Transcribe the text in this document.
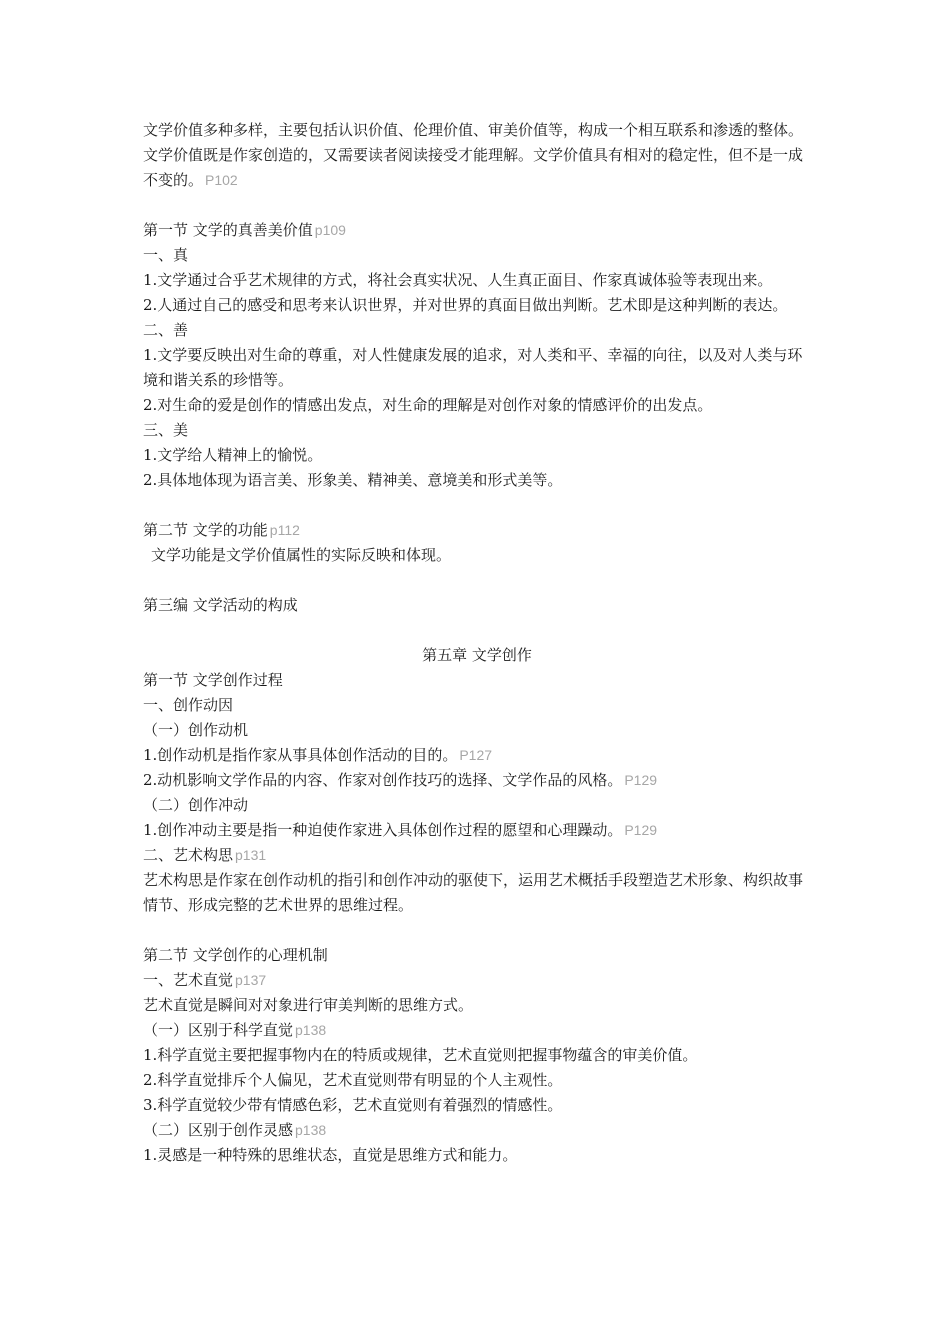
文学价值多种多样，主要包括认识价值、伦理价值、审美价值等，构成一个相互联系和渗透的整体。文学价值既是作家创造的，又需要读者阅读接受才能理解。文学价值具有相对的稳定性，但不是一成不变的。 P102
第一节 文学的真善美价值 p109
一、真
1.文学通过合乎艺术规律的方式，将社会真实状况、人生真正面目、作家真诚体验等表现出来。
2.人通过自己的感受和思考来认识世界，并对世界的真面目做出判断。艺术即是这种判断的表达。
二、善
1.文学要反映出对生命的尊重，对人性健康发展的追求，对人类和平、幸福的向往，以及对人类与环境和谐关系的珍惜等。
2.对生命的爱是创作的情感出发点，对生命的理解是对创作对象的情感评价的出发点。
三、美
1.文学给人精神上的愉悦。
2.具体地体现为语言美、形象美、精神美、意境美和形式美等。
第二节 文学的功能 p112
文学功能是文学价值属性的实际反映和体现。
第三编 文学活动的构成
第五章 文学创作
第一节 文学创作过程
一、创作动因
（一）创作动机
1.创作动机是指作家从事具体创作活动的目的。 P127
2.动机影响文学作品的内容、作家对创作技巧的选择、文学作品的风格。 P129
（二）创作冲动
1.创作冲动主要是指一种迫使作家进入具体创作过程的愿望和心理躁动。 P129
二、艺术构思 p131
艺术构思是作家在创作动机的指引和创作冲动的驱使下，运用艺术概括手段塑造艺术形象、构织故事情节、形成完整的艺术世界的思维过程。
第二节 文学创作的心理机制
一、艺术直觉 p137
艺术直觉是瞬间对对象进行审美判断的思维方式。
（一）区别于科学直觉 p138
1.科学直觉主要把握事物内在的特质或规律，艺术直觉则把握事物蕴含的审美价值。
2.科学直觉排斥个人偏见，艺术直觉则带有明显的个人主观性。
3.科学直觉较少带有情感色彩，艺术直觉则有着强烈的情感性。
（二）区别于创作灵感 p138
1.灵感是一种特殊的思维状态，直觉是思维方式和能力。
